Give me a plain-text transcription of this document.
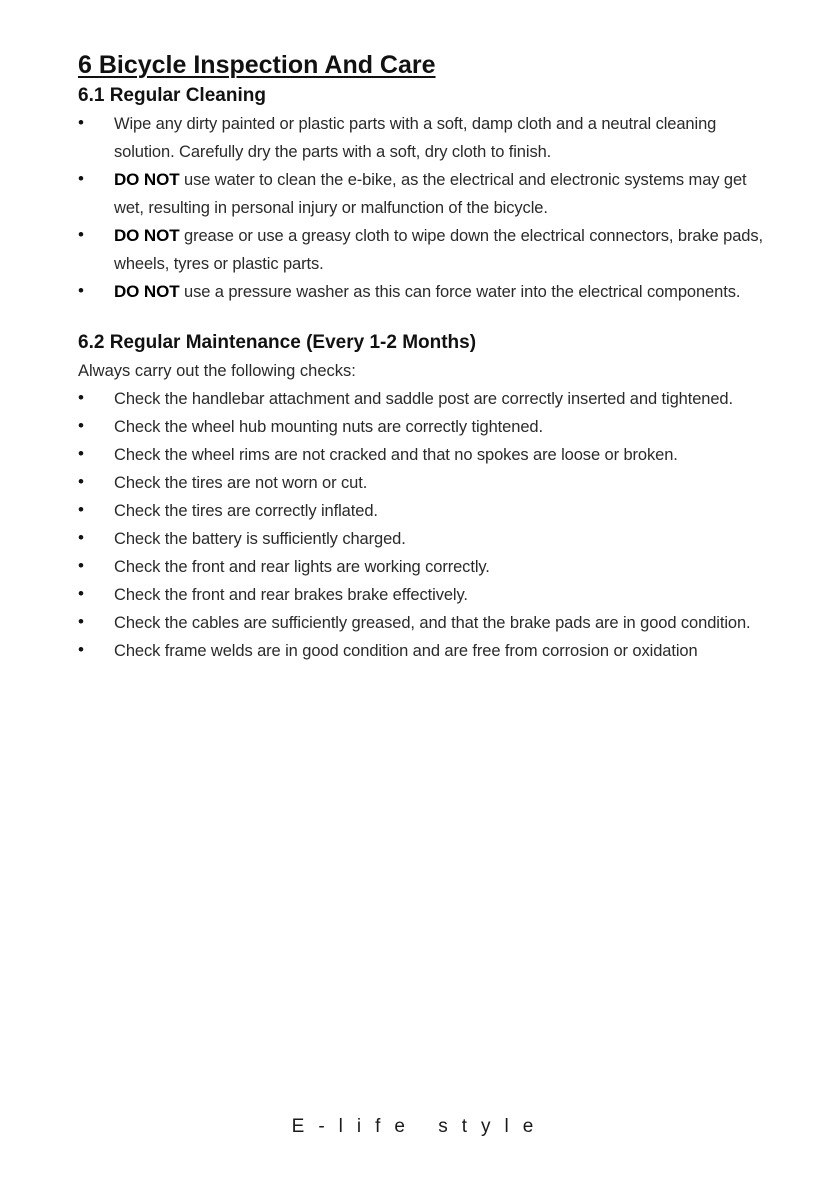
6 Bicycle Inspection And Care
6.1 Regular Cleaning
• Wipe any dirty painted or plastic parts with a soft, damp cloth and a neutral cleaning solution. Carefully dry the parts with a soft, dry cloth to finish.
• DO NOT use water to clean the e-bike, as the electrical and electronic systems may get wet, resulting in personal injury or malfunction of the bicycle.
• DO NOT grease or use a greasy cloth to wipe down the electrical connectors, brake pads, wheels, tyres or plastic parts.
• DO NOT use a pressure washer as this can force water into the electrical components.
6.2 Regular Maintenance (Every 1-2 Months)

Always carry out the following checks:

• Check the handlebar attachment and saddle post are correctly inserted and tightened.
• Check the wheel hub mounting nuts are correctly tightened.
• Check the wheel rims are not cracked and that no spokes are loose or broken.
• Check the tires are not worn or cut.
• Check the tires are correctly inflated.
• Check the battery is sufficiently charged.
• Check the front and rear lights are working correctly.
• Check the front and rear brakes brake effectively.
• Check the cables are sufficiently greased, and that the brake pads are in good condition.
• Check frame welds are in good condition and are free from corrosion or oxidation
E-life style
